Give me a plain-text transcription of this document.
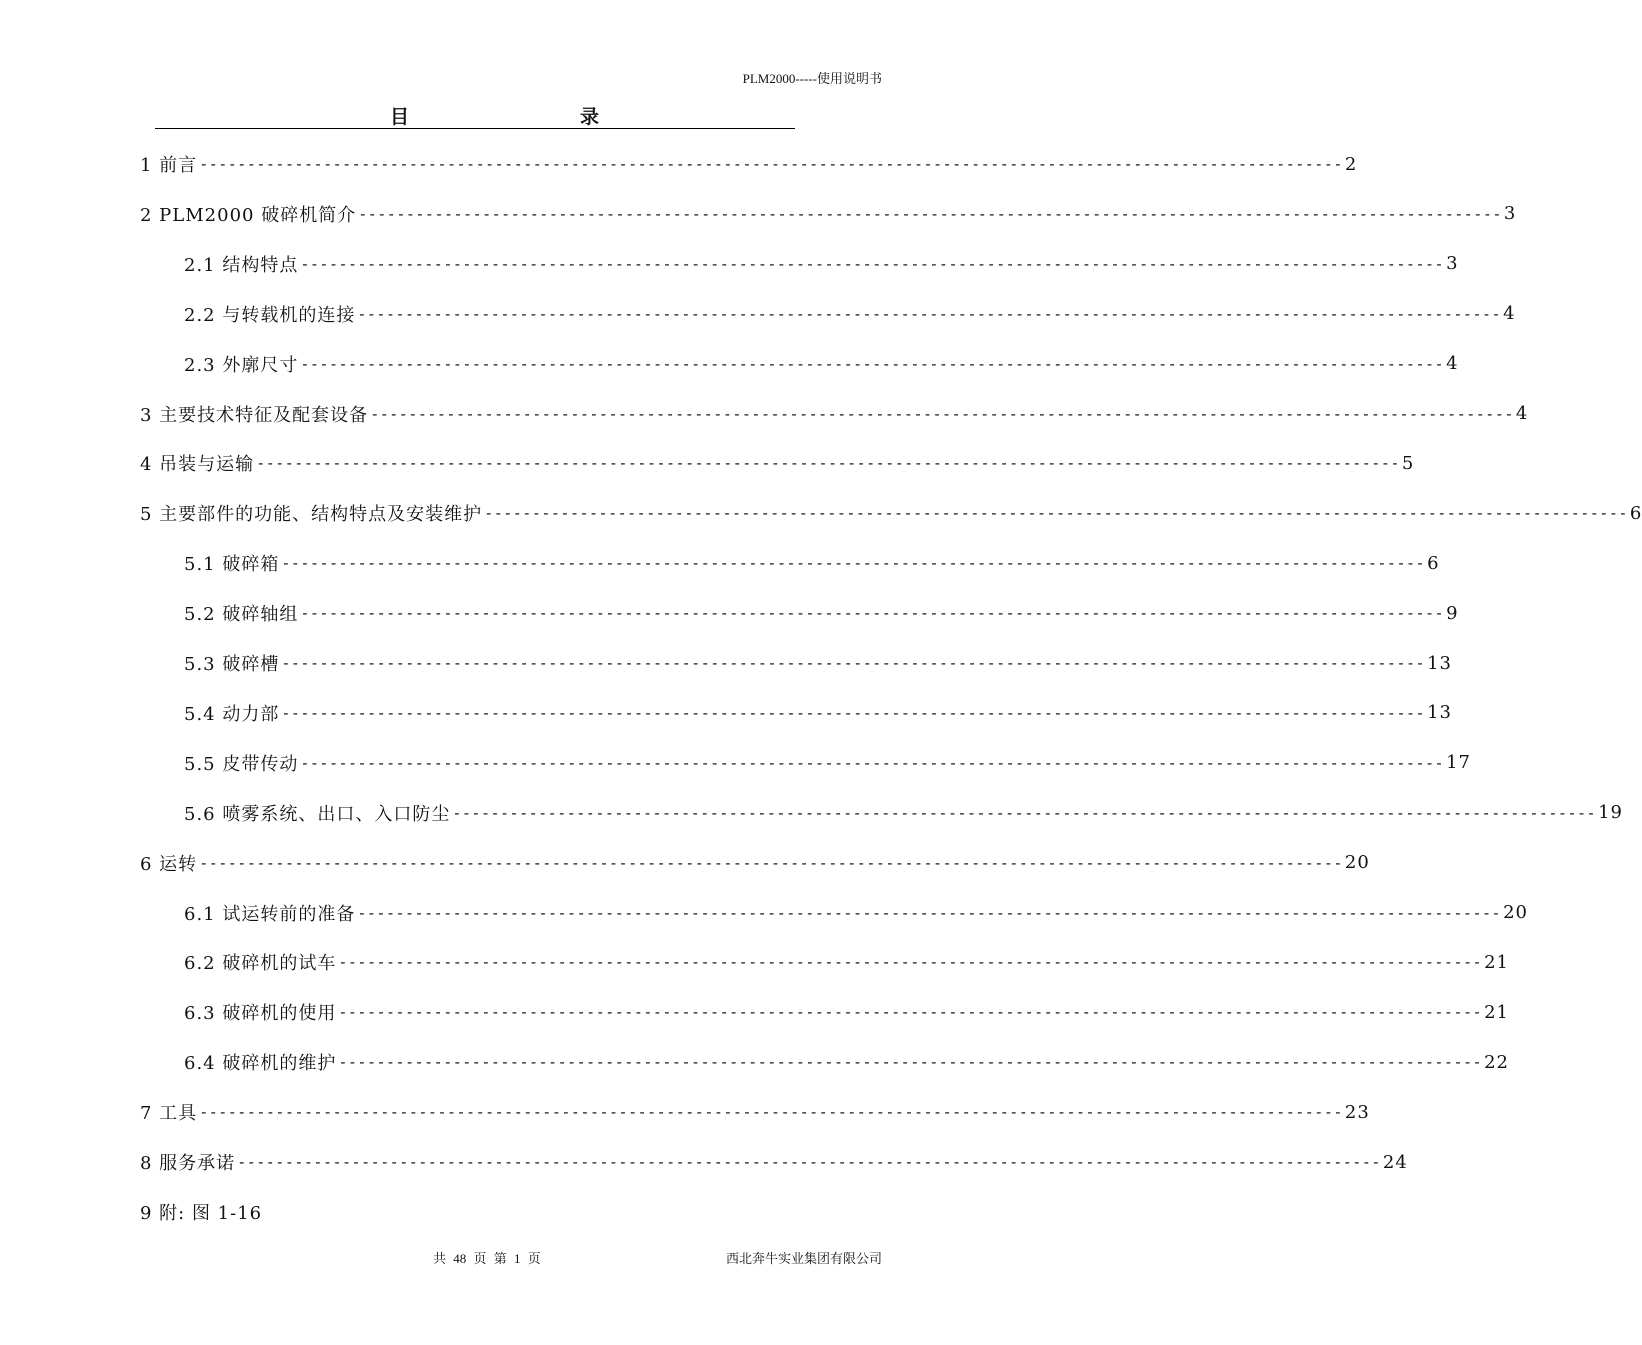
PLM2000-----使用说明书
目	录
1 前言 ------------------------------------------------------------------------------------------------------------------------ 2
2 PLM2000 破碎机简介 ------------------------------------------------------------------------------------------------------------------------ 3
2.1 结构特点 ------------------------------------------------------------------------------------------------------------------------ 3
2.2 与转载机的连接 ------------------------------------------------------------------------------------------------------------------------ 4
2.3 外廓尺寸 ------------------------------------------------------------------------------------------------------------------------ 4
3 主要技术特征及配套设备 ------------------------------------------------------------------------------------------------------------------------ 4
4 吊装与运输 ------------------------------------------------------------------------------------------------------------------------ 5
5 主要部件的功能、结构特点及安装维护 ------------------------------------------------------------------------------------------------------------------------ 6
5.1 破碎箱 ------------------------------------------------------------------------------------------------------------------------ 6
5.2 破碎轴组 ------------------------------------------------------------------------------------------------------------------------ 9
5.3 破碎槽 ------------------------------------------------------------------------------------------------------------------------ 13
5.4 动力部 ------------------------------------------------------------------------------------------------------------------------ 13
5.5 皮带传动 ------------------------------------------------------------------------------------------------------------------------ 17
5.6 喷雾系统、出口、入口防尘 ------------------------------------------------------------------------------------------------------------------------ 19
6 运转 ------------------------------------------------------------------------------------------------------------------------ 20
6.1 试运转前的准备 ------------------------------------------------------------------------------------------------------------------------ 20
6.2 破碎机的试车 ------------------------------------------------------------------------------------------------------------------------ 21
6.3 破碎机的使用 ------------------------------------------------------------------------------------------------------------------------ 21
6.4 破碎机的维护 ------------------------------------------------------------------------------------------------------------------------ 22
7 工具 ------------------------------------------------------------------------------------------------------------------------ 23
8 服务承诺 ------------------------------------------------------------------------------------------------------------------------ 24
9 附: 图 1-16
共 48 页 第 1 页	西北奔牛实业集团有限公司
